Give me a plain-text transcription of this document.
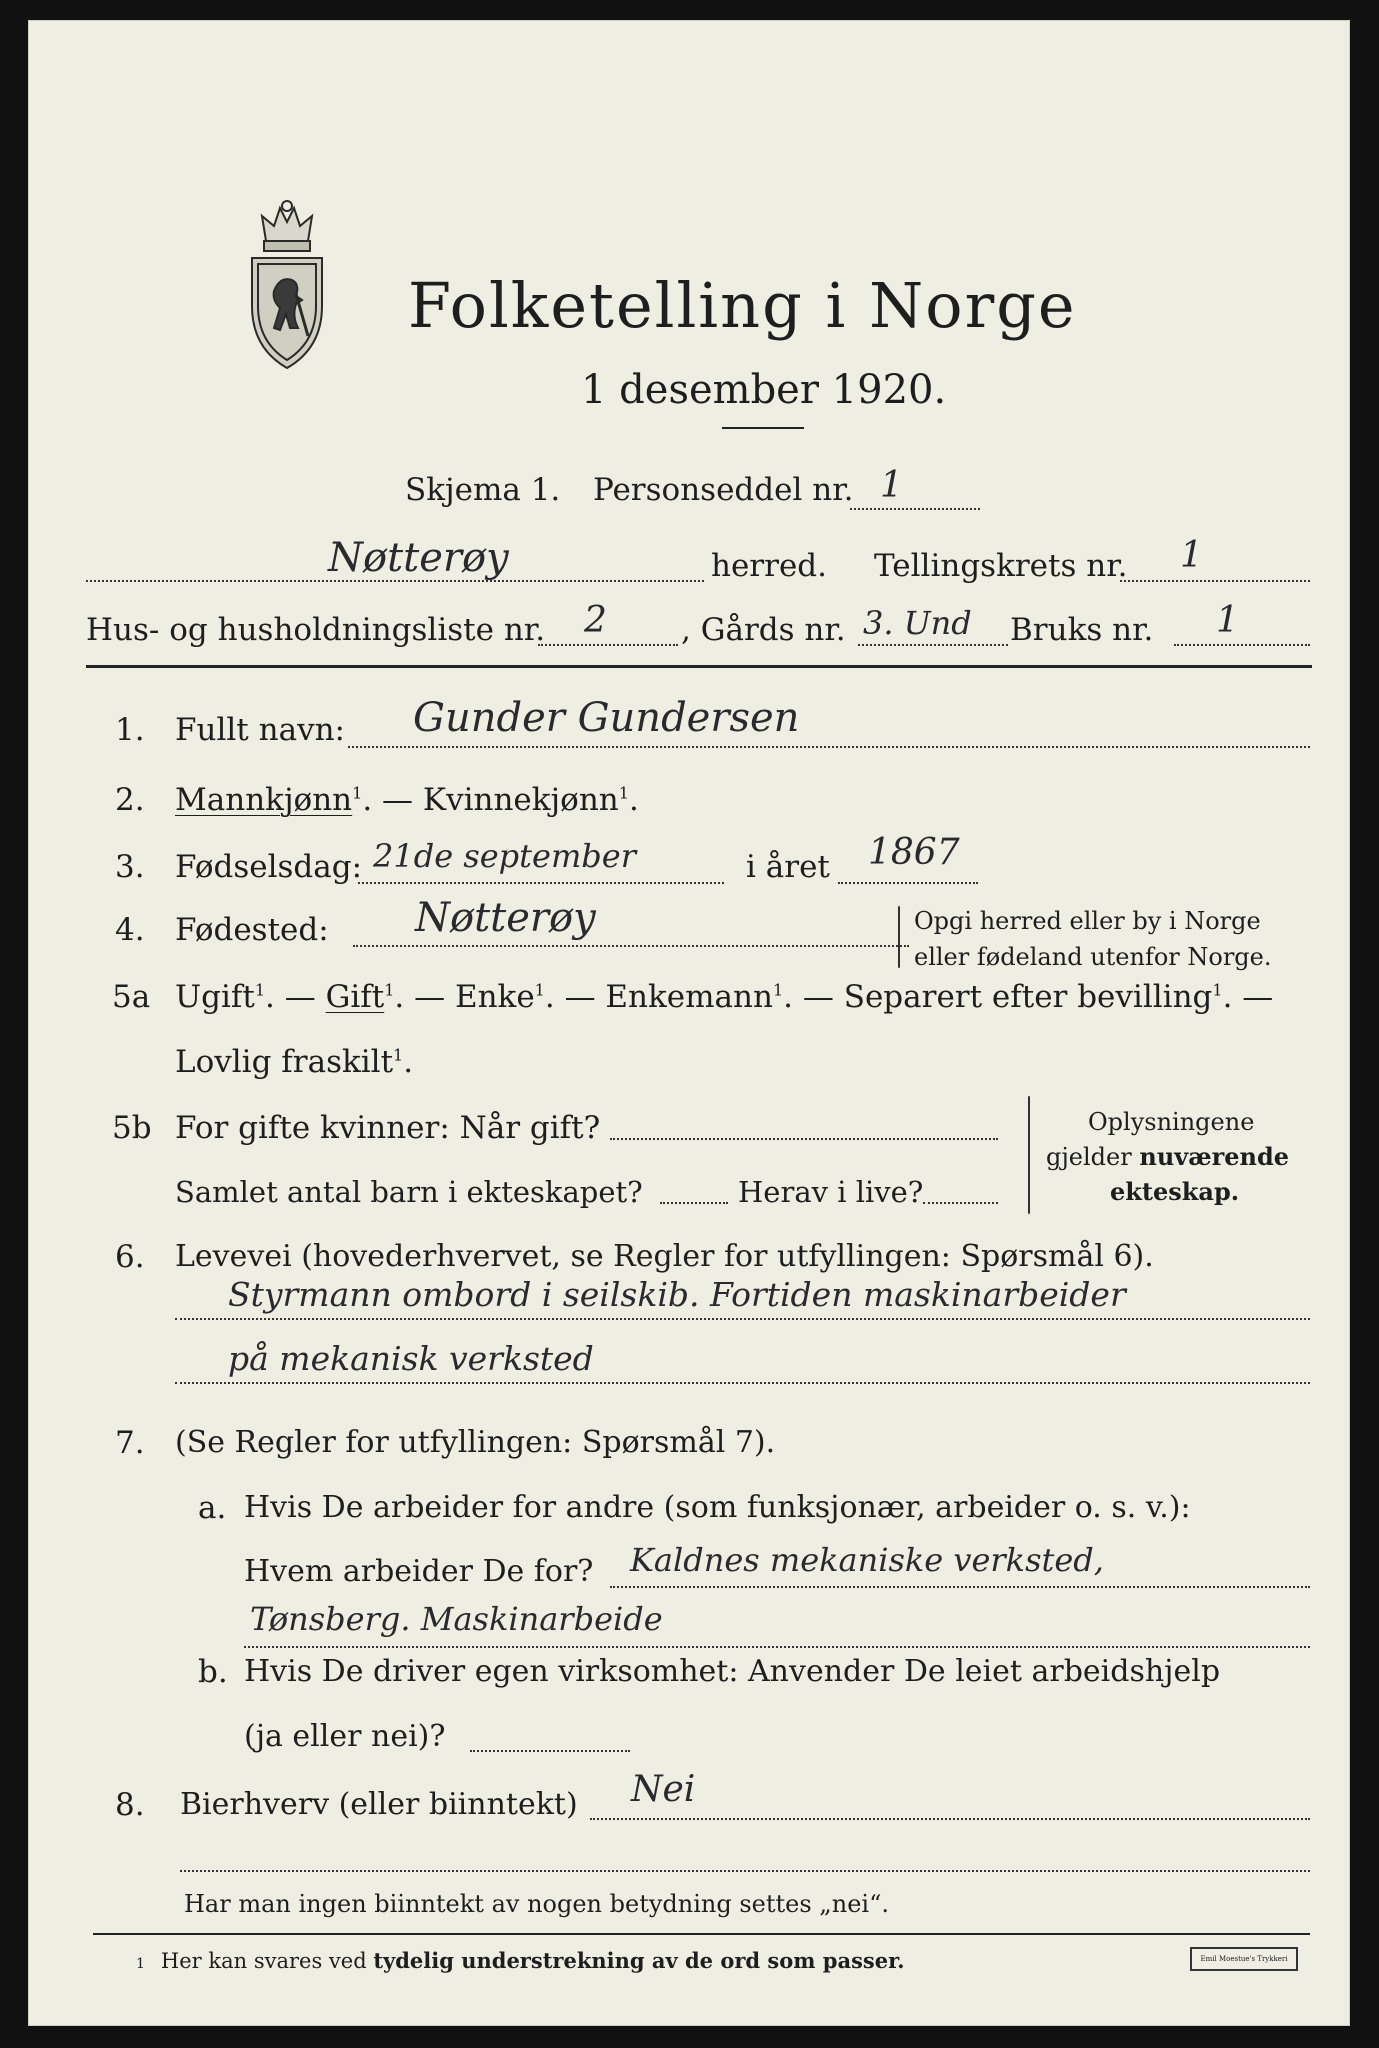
Folketelling i Norge
1 desember 1920.
Skjema 1. Personseddel nr. 1
Nøtterøy	herred. Tellingskrets nr. 1
Hus- og husholdningsliste nr. 2 , Gårds nr. 3. Und Bruks nr. 1
1. Fullt navn: Gunder Gundersen
2. Mannkjønn$^1$. — Kvinnekjønn$^1$.
3. Fødselsdag: 21de september	i året 1867
4. Fødested: Nøtterøy	Opgi herred eller by i Norge
eller fødeland utenfor Norge.
5a Ugift$^1$. — Gift$^1$. — Enke$^1$. — Enkemann$^1$. — Separert efter bevilling$^1$. —
Lovlig fraskilt$^1$.
5b For gifte kvinner: Når gift?
Samlet antal barn i ekteskapet?	Herav i live?
Oplysningene
gjelder nuværende
ekteskap.
6. Levevei (hovederhvervet, se Regler for utfyllingen: Spørsmål 6).
Styrmann ombord i seilskib. Fortiden maskinarbeider
på mekanisk verksted
7. (Se Regler for utfyllingen: Spørsmål 7).
a. Hvis De arbeider for andre (som funksjonær, arbeider o. s. v.):
Hvem arbeider De for? Kaldnes mekaniske verksted,
Tønsberg. Maskinarbeide
b. Hvis De driver egen virksomhet: Anvender De leiet arbeidshjelp
(ja eller nei)?
8. Bierhverv (eller biinntekt) Nei
Har man ingen biinntekt av nogen betydning settes „nei“.
1 Her kan svares ved tydelig understrekning av de ord som passer.	Emil Moestue's Trykkeri
